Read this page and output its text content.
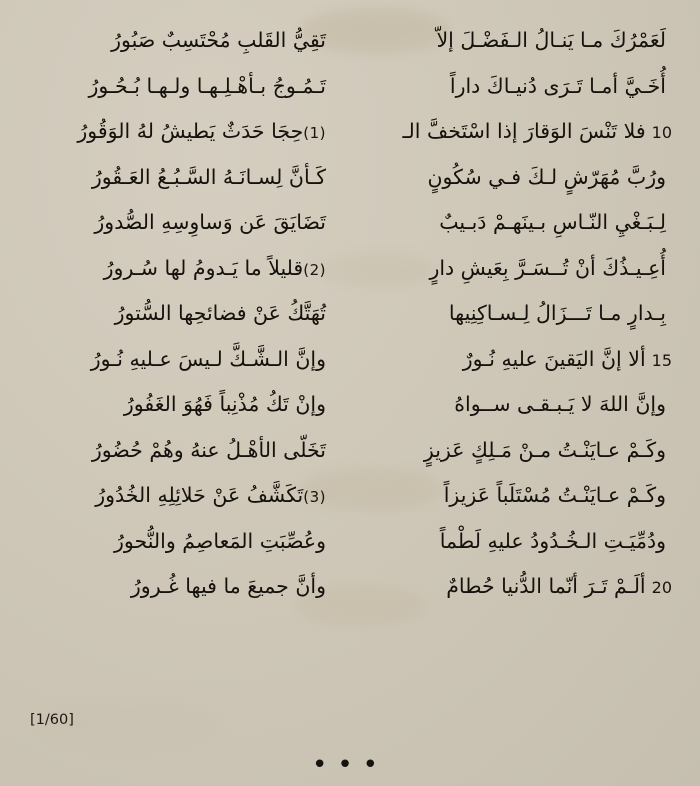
لَعَمْرُكَ مـا يَنـالُ الـفَضْـلَ إلاّ
تَقِيُّ القَلبِ مُحْتَسِبٌ صَبُورُ
أُخَـيَّ أمـا تَـرَى دُنيـاكَ داراً
تَـمُـوجُ بـأهْـلِـهـا ولـهـا بُـحُـورُ
10فلا تَنْسَ الوَقارَ إذا اسْتَخفَّ الـ
(1)حِجَا حَدَثٌ يَطيشُ لهُ الوَقُورُ
ورُبَّ مُهَرّشٍ لـكَ فـي سُكُونٍ
كَـأنَّ لِسـانَـهُ السَّـبُـعُ العَـقُورُ
لِـبَـغْيِ النّـاسِ بـينَهـمْ دَبـيبٌ
تَضَايَقَ عَن وَساوِسِهِ الصُّدورُ
أُعِـيـذُكَ أنْ تُــسَـرَّ بِعَيشِ دارٍ
(2)قليلاً ما يَـدومُ لها سُـرورُ
بِـدارٍ مـا تَـــزَالُ لِـسـاكِنِيها
تُهَتَّكُ عَنْ فضائحِها السُّتورُ
15ألا إنَّ اليَقينَ عليهِ نُـورٌ
وإنَّ الـشَّـكَّ لـيسَ عـليهِ نُـورُ
وإنَّ اللهَ لا يَـبـقـى ســواهُ
وإنْ تَكُ مُذْنِباً فَهُوَ الغَفُورُ
وكَـمْ عـايَنْـتُ مـنْ مَـلِكٍ عَزيزٍ
تَخَلّى الأهْـلُ عنهُ وهُمْ حُضُورُ
وكَـمْ عـايَنْـتُ مُسْتَلَباً عَزيزاً
(3)تَكَشَّفُ عَنْ حَلائِلِهِ الخُدُورُ
ودُمِّيَـتِ الـخُـدُودُ عليهِ لَطْماً
وعُصِّبَتِ المَعاصِمُ والنُّحورُ
20ألَـمْ تَـرَ أنّما الدُّنيا حُطامٌ
وأنَّ جميعَ ما فيها غُـرورُ
[1/60]
•••
